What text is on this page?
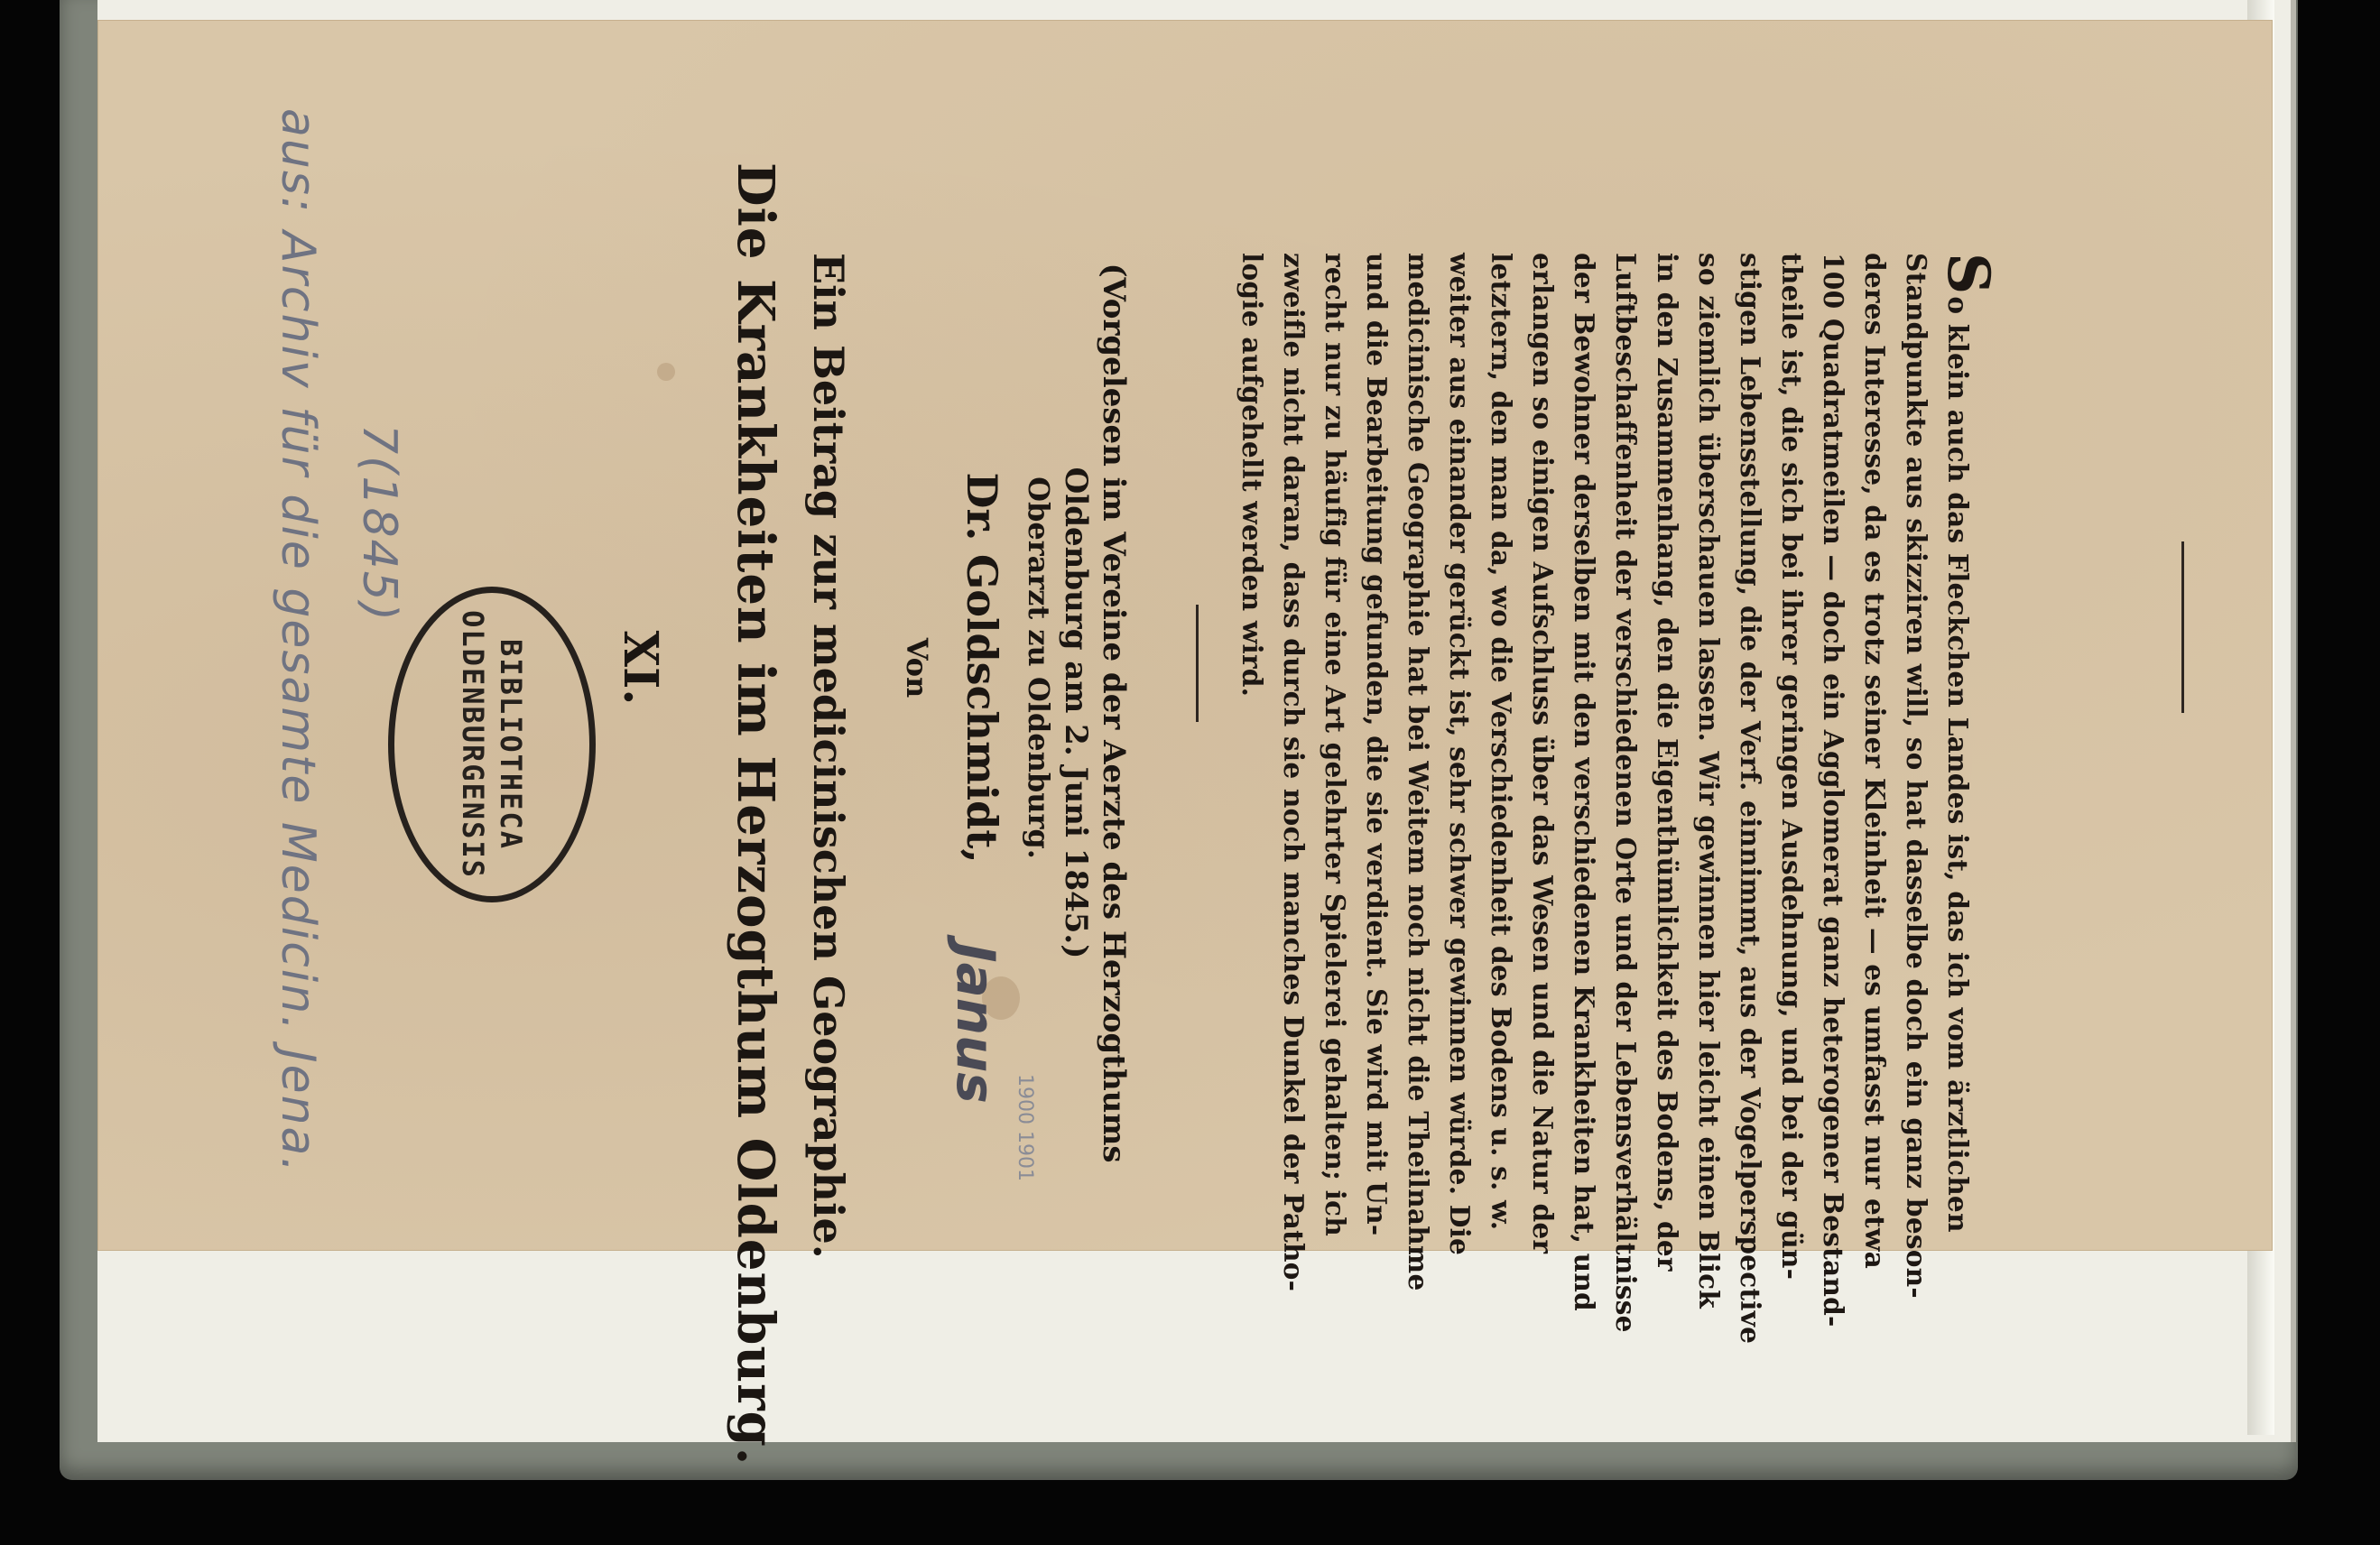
aus: Archiv für die gesamte Medicin. Jena. 7(1845)
BIBLIOTHECA
OLDENBURGENSIS	XI. Die Krankheiten im Herzogthum Oldenburg. Ein Beitrag zur medicinischen Geographie. Von
Dr. Goldschmidt,
Janus
1900 1901
Oberarzt zu Oldenburg.	(Vorgelesen im Vereine der Aerzte des Herzogthums Oldenburg am 2. Juni 1845.)
So klein auch das Fleckchen Landes ist, das ich vom ärztlichen
Standpunkte aus skizziren will, so hat dasselbe doch ein ganz beson-
deres Interesse, da es trotz seiner Kleinheit — es umfasst nur etwa
100 Quadratmeilen — doch ein Agglomerat ganz heterogener Bestand-
theile ist, die sich bei ihrer geringen Ausdehnung, und bei der gün-
stigen Lebensstellung, die der Verf. einnimmt, aus der Vogelperspective
so ziemlich überschauen lassen. Wir gewinnen hier leicht einen Blick
in den Zusammenhang, den die Eigenthümlichkeit des Bodens, der
Luftbeschaffenheit der verschiedenen Orte und der Lebensverhältnisse
der Bewohner derselben mit den verschiedenen Krankheiten hat, und
erlangen so einigen Aufschluss über das Wesen und die Natur der
letztern, den man da, wo die Verschiedenheit des Bodens u. s. w.
weiter aus einander gerückt ist, sehr schwer gewinnen würde. Die
medicinische Geographie hat bei Weitem noch nicht die Theilnahme
und die Bearbeitung gefunden, die sie verdient. Sie wird mit Un-
recht nur zu häufig für eine Art gelehrter Spielerei gehalten; ich
zweifle nicht daran, dass durch sie noch manches Dunkel der Patho-
logie aufgehellt werden wird.
